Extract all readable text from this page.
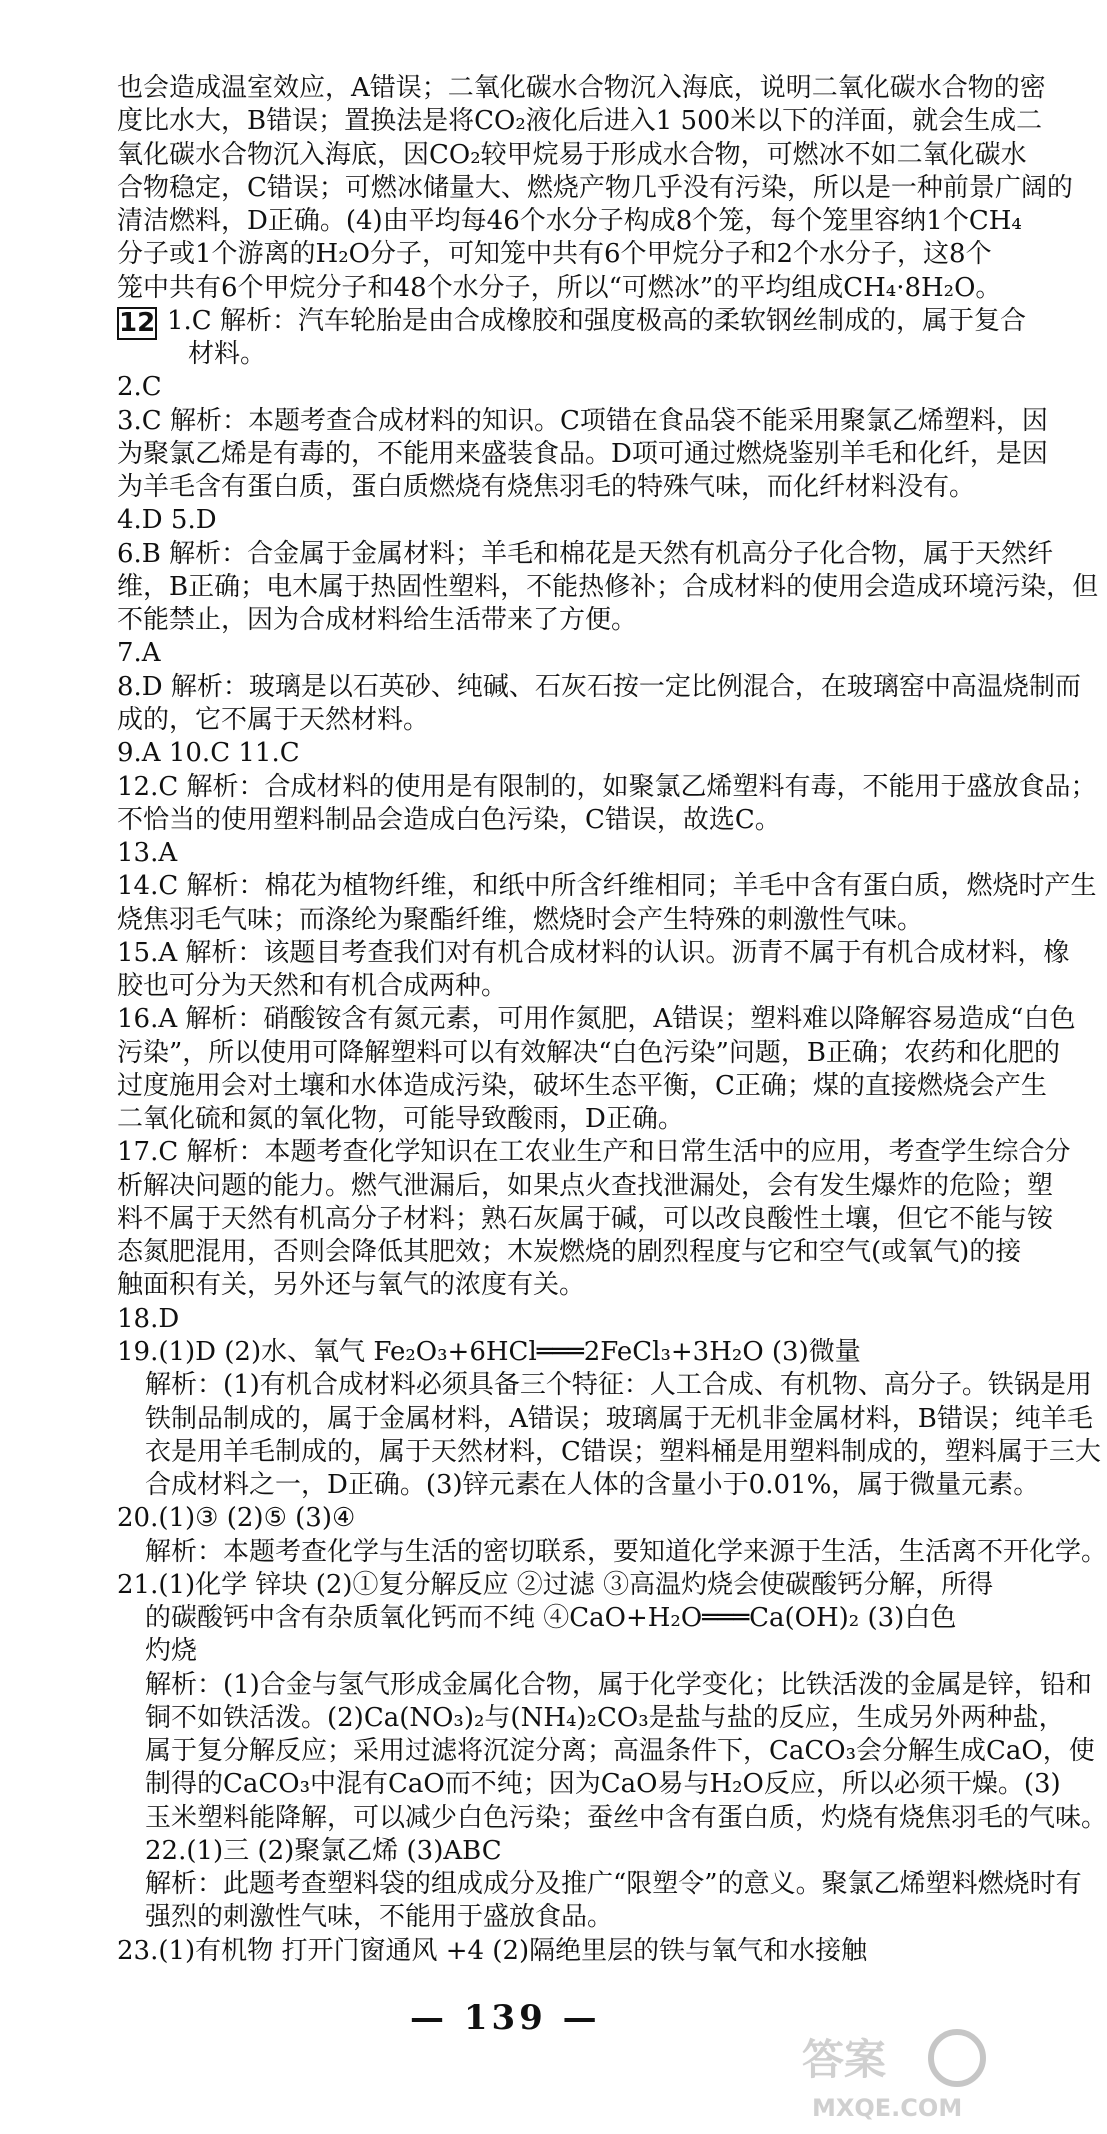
12
也会造成温室效应，A错误；二氧化碳水合物沉入海底，说明二氧化碳水合物的密
度比水大，B错误；置换法是将CO₂液化后进入1 500米以下的洋面，就会生成二
氧化碳水合物沉入海底，因CO₂较甲烷易于形成水合物，可燃冰不如二氧化碳水
合物稳定，C错误；可燃冰储量大、燃烧产物几乎没有污染，所以是一种前景广阔的
清洁燃料，D正确。(4)由平均每46个水分子构成8个笼，每个笼里容纳1个CH₄
分子或1个游离的H₂O分子，可知笼中共有6个甲烷分子和2个水分子，这8个
笼中共有6个甲烷分子和48个水分子，所以“可燃冰”的平均组成CH₄·8H₂O。
1.C 解析：汽车轮胎是由合成橡胶和强度极高的柔软钢丝制成的，属于复合
材料。
2.C
3.C 解析：本题考查合成材料的知识。C项错在食品袋不能采用聚氯乙烯塑料，因
为聚氯乙烯是有毒的，不能用来盛装食品。D项可通过燃烧鉴别羊毛和化纤，是因
为羊毛含有蛋白质，蛋白质燃烧有烧焦羽毛的特殊气味，而化纤材料没有。
4.D 5.D
6.B 解析：合金属于金属材料；羊毛和棉花是天然有机高分子化合物，属于天然纤
维，B正确；电木属于热固性塑料，不能热修补；合成材料的使用会造成环境污染，但
不能禁止，因为合成材料给生活带来了方便。
7.A
8.D 解析：玻璃是以石英砂、纯碱、石灰石按一定比例混合，在玻璃窑中高温烧制而
成的，它不属于天然材料。
9.A 10.C 11.C
12.C 解析：合成材料的使用是有限制的，如聚氯乙烯塑料有毒，不能用于盛放食品；
不恰当的使用塑料制品会造成白色污染，C错误，故选C。
13.A
14.C 解析：棉花为植物纤维，和纸中所含纤维相同；羊毛中含有蛋白质，燃烧时产生
烧焦羽毛气味；而涤纶为聚酯纤维，燃烧时会产生特殊的刺激性气味。
15.A 解析：该题目考查我们对有机合成材料的认识。沥青不属于有机合成材料，橡
胶也可分为天然和有机合成两种。
16.A 解析：硝酸铵含有氮元素，可用作氮肥，A错误；塑料难以降解容易造成“白色
污染”，所以使用可降解塑料可以有效解决“白色污染”问题，B正确；农药和化肥的
过度施用会对土壤和水体造成污染，破坏生态平衡，C正确；煤的直接燃烧会产生
二氧化硫和氮的氧化物，可能导致酸雨，D正确。
17.C 解析：本题考查化学知识在工农业生产和日常生活中的应用，考查学生综合分
析解决问题的能力。燃气泄漏后，如果点火查找泄漏处，会有发生爆炸的危险；塑
料不属于天然有机高分子材料；熟石灰属于碱，可以改良酸性土壤，但它不能与铵
态氮肥混用，否则会降低其肥效；木炭燃烧的剧烈程度与它和空气(或氧气)的接
触面积有关，另外还与氧气的浓度有关。
18.D
19.(1)D (2)水、氧气 Fe₂O₃+6HCl═══2FeCl₃+3H₂O (3)微量
解析：(1)有机合成材料必须具备三个特征：人工合成、有机物、高分子。铁锅是用
铁制品制成的，属于金属材料，A错误；玻璃属于无机非金属材料，B错误；纯羊毛
衣是用羊毛制成的，属于天然材料，C错误；塑料桶是用塑料制成的，塑料属于三大
合成材料之一，D正确。(3)锌元素在人体的含量小于0.01%，属于微量元素。
20.(1)③ (2)⑤ (3)④
解析：本题考查化学与生活的密切联系，要知道化学来源于生活，生活离不开化学。
21.(1)化学 锌块 (2)①复分解反应 ②过滤 ③高温灼烧会使碳酸钙分解，所得
的碳酸钙中含有杂质氧化钙而不纯 ④CaO+H₂O═══Ca(OH)₂ (3)白色
灼烧
解析：(1)合金与氢气形成金属化合物，属于化学变化；比铁活泼的金属是锌，铅和
铜不如铁活泼。(2)Ca(NO₃)₂与(NH₄)₂CO₃是盐与盐的反应，生成另外两种盐，
属于复分解反应；采用过滤将沉淀分离；高温条件下，CaCO₃会分解生成CaO，使
制得的CaCO₃中混有CaO而不纯；因为CaO易与H₂O反应，所以必须干燥。(3)
玉米塑料能降解，可以减少白色污染；蚕丝中含有蛋白质，灼烧有烧焦羽毛的气味。
22.(1)三 (2)聚氯乙烯 (3)ABC
解析：此题考查塑料袋的组成成分及推广“限塑令”的意义。聚氯乙烯塑料燃烧时有
强烈的刺激性气味，不能用于盛放食品。
23.(1)有机物 打开门窗通风 +4 (2)隔绝里层的铁与氧气和水接触
— 139 —
答案
MXQE.COM
